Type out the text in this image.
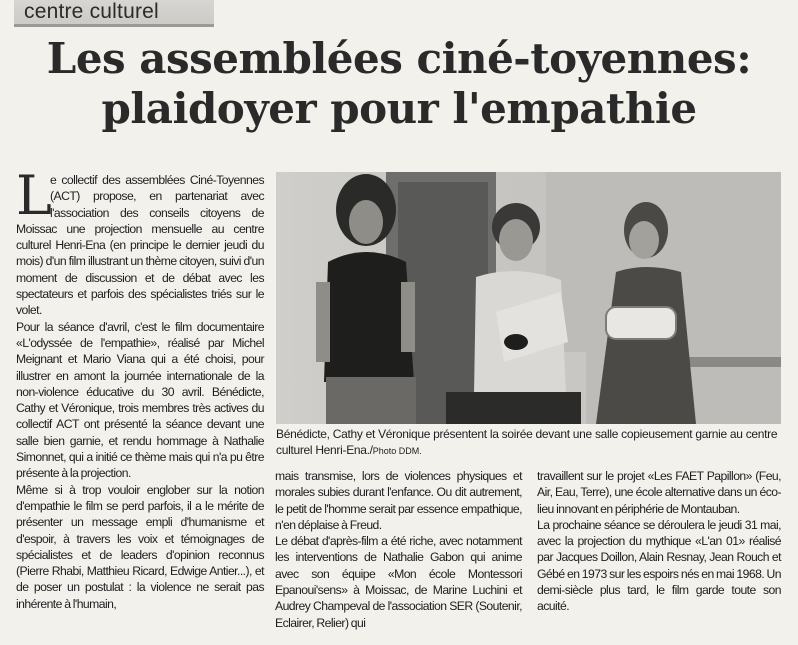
centre culturel
Les assemblées ciné-toyennes:
plaidoyer pour l'empathie

L
e collectif des assemblées Ciné-Toyennes (ACT) propose, en partenariat avec l'association des conseils citoyens de Moissac une projection mensuelle au centre culturel Henri-Ena (en principe le dernier jeudi du mois) d'un film illustrant un thème citoyen, suivi d'un moment de discussion et de débat avec les spectateurs et parfois des spécialistes triés sur le volet.

Pour la séance d'avril, c'est le film documentaire «L'odyssée de l'empathie», réalisé par Michel Meignant et Mario Viana qui a été choisi, pour illustrer en amont la journée internationale de la non-violence éducative du 30 avril. Bénédicte, Cathy et Véronique, trois membres très actives du collectif ACT ont présenté la séance devant une salle bien garnie, et rendu hommage à Nathalie Simonnet, qui a initié ce thème mais qui n'a pu être présente à la projection.

Même si à trop vouloir englober sur la notion d'empathie le film se perd parfois, il a le mérite de présenter un message empli d'humanisme et d'espoir, à travers les voix et témoignages de spécialistes et de leaders d'opinion reconnus (Pierre Rhabi, Matthieu Ricard, Edwige Antier...), et de poser un postulat : la violence ne serait pas inhérente à l'humain,

Bénédicte, Cathy et Véronique présentent la soirée devant une salle copieusement garnie au centre culturel Henri-Ena./Photo DDM.

mais transmise, lors de violences physiques et morales subies durant l'enfance. Ou dit autrement, le petit de l'homme serait par essence empathique, n'en déplaise à Freud.

Le débat d'après-film a été riche, avec notamment les interventions de Nathalie Gabon qui anime avec son équipe «Mon école Montessori Epanoui'sens» à Moissac, de Marine Luchini et Audrey Champeval de l'association SER (Soutenir, Eclairer, Relier) qui

travaillent sur le projet «Les FAET Papillon» (Feu, Air, Eau, Terre), une école alternative dans un éco-lieu innovant en périphérie de Montauban.

La prochaine séance se déroulera le jeudi 31 mai, avec la projection du mythique «L'an 01» réalisé par Jacques Doillon, Alain Resnay, Jean Rouch et Gébé en 1973 sur les espoirs nés en mai 1968. Un demi-siècle plus tard, le film garde toute son acuité.
